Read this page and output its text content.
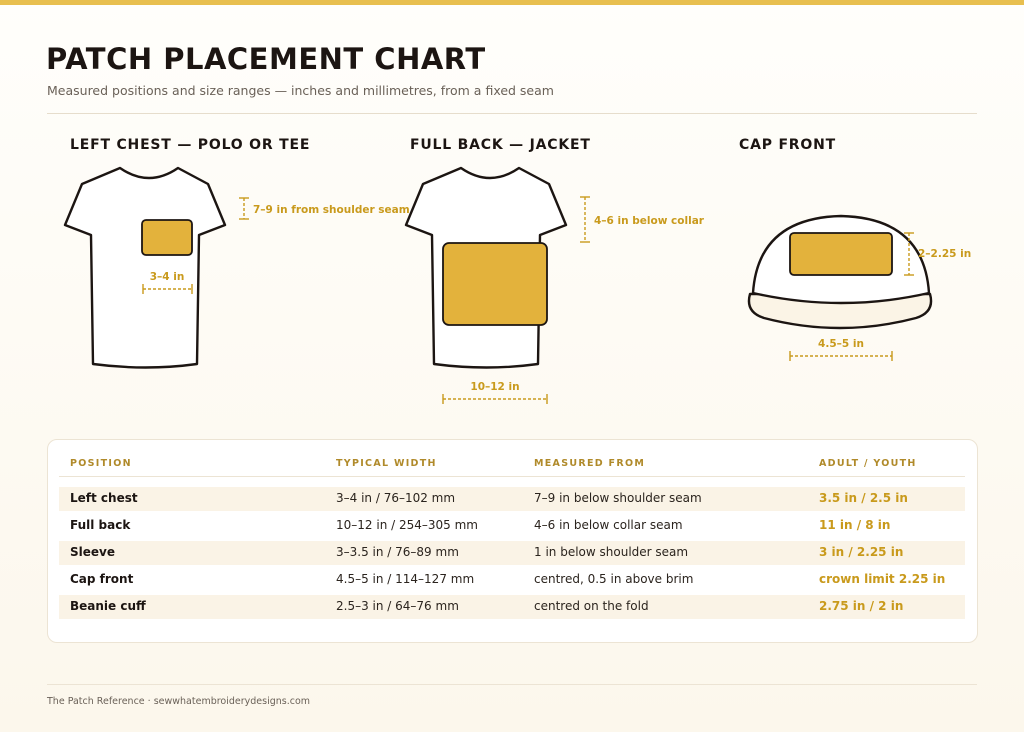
PATCH PLACEMENT CHART
Measured positions and size ranges — inches and millimetres, from a fixed seam
LEFT CHEST — POLO OR TEE	FULL BACK — JACKET	CAP FRONT
7–9 in from shoulder seam
3–4 in
4–6 in below collar
10–12 in
2–2.25 in
4.5–5 in
POSITION	TYPICAL WIDTH	MEASURED FROM	ADULT / YOUTH
Left chest	3–4 in / 76–102 mm	7–9 in below shoulder seam	3.5 in / 2.5 in
Full back	10–12 in / 254–305 mm	4–6 in below collar seam	11 in / 8 in
Sleeve	3–3.5 in / 76–89 mm	1 in below shoulder seam	3 in / 2.25 in
Cap front	4.5–5 in / 114–127 mm	centred, 0.5 in above brim	crown limit 2.25 in
Beanie cuff	2.5–3 in / 64–76 mm	centred on the fold	2.75 in / 2 in
The Patch Reference · sewwhatembroiderydesigns.com
